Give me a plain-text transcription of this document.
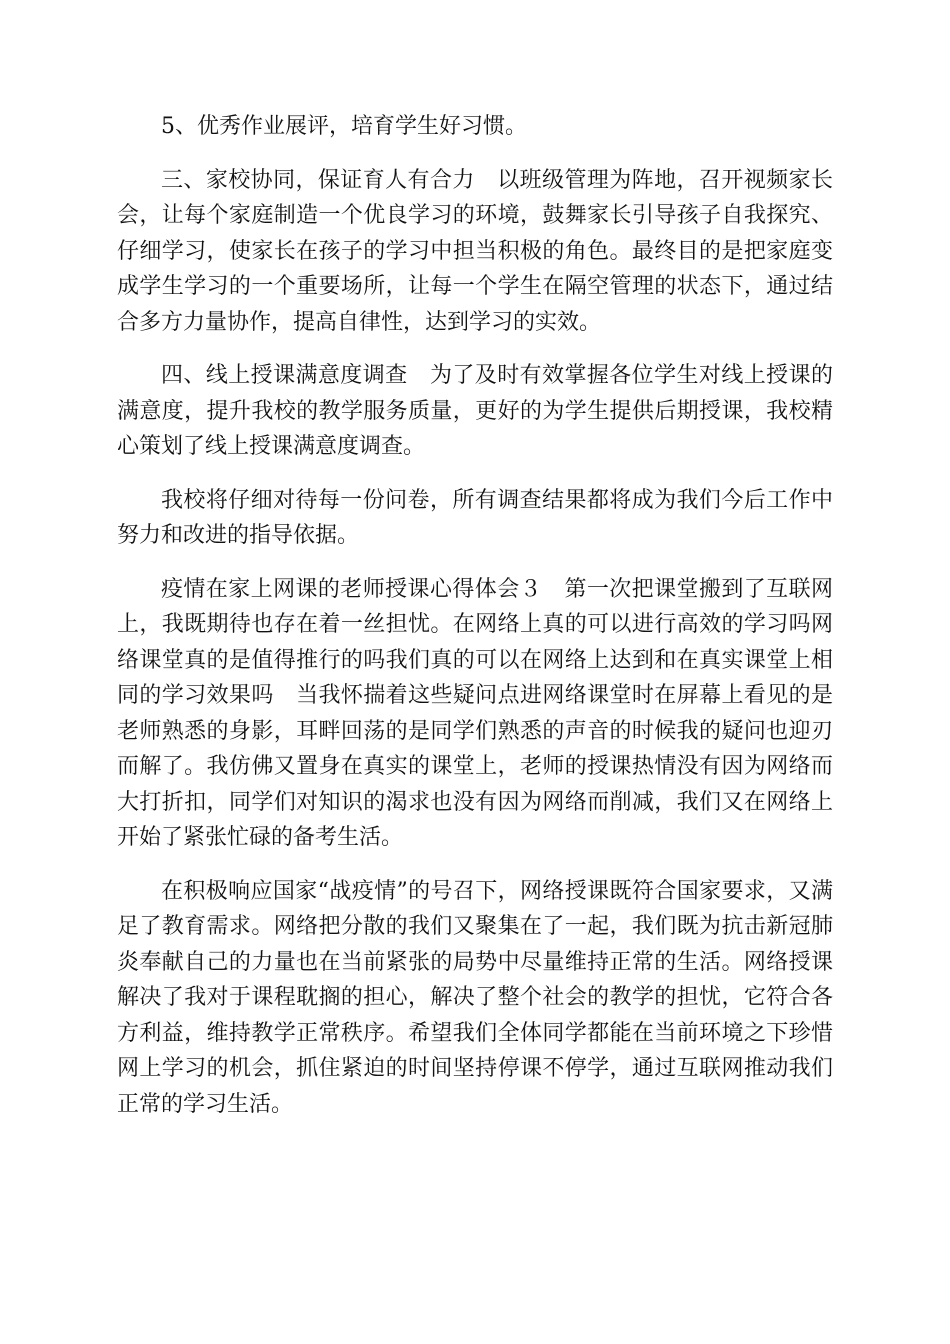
5、优秀作业展评，培育学生好习惯。

三、家校协同，保证育人有合力　以班级管理为阵地，召开视频家长会，让每个家庭制造一个优良学习的环境，鼓舞家长引导孩子自我探究、仔细学习，使家长在孩子的学习中担当积极的角色。最终目的是把家庭变成学生学习的一个重要场所，让每一个学生在隔空管理的状态下，通过结合多方力量协作，提高自律性，达到学习的实效。

四、线上授课满意度调查　为了及时有效掌握各位学生对线上授课的满意度，提升我校的教学服务质量，更好的为学生提供后期授课，我校精心策划了线上授课满意度调查。

我校将仔细对待每一份问卷，所有调查结果都将成为我们今后工作中努力和改进的指导依据。

疫情在家上网课的老师授课心得体会３　第一次把课堂搬到了互联网上，我既期待也存在着一丝担忧。在网络上真的可以进行高效的学习吗网络课堂真的是值得推行的吗我们真的可以在网络上达到和在真实课堂上相同的学习效果吗　当我怀揣着这些疑问点进网络课堂时在屏幕上看见的是老师熟悉的身影，耳畔回荡的是同学们熟悉的声音的时候我的疑问也迎刃而解了。我仿佛又置身在真实的课堂上，老师的授课热情没有因为网络而大打折扣，同学们对知识的渴求也没有因为网络而削减，我们又在网络上开始了紧张忙碌的备考生活。

在积极响应国家“战疫情”的号召下，网络授课既符合国家要求，又满足了教育需求。网络把分散的我们又聚集在了一起，我们既为抗击新冠肺炎奉献自己的力量也在当前紧张的局势中尽量维持正常的生活。网络授课解决了我对于课程耽搁的担心，解决了整个社会的教学的担忧，它符合各方利益，维持教学正常秩序。希望我们全体同学都能在当前环境之下珍惜网上学习的机会，抓住紧迫的时间坚持停课不停学，通过互联网推动我们正常的学习生活。
